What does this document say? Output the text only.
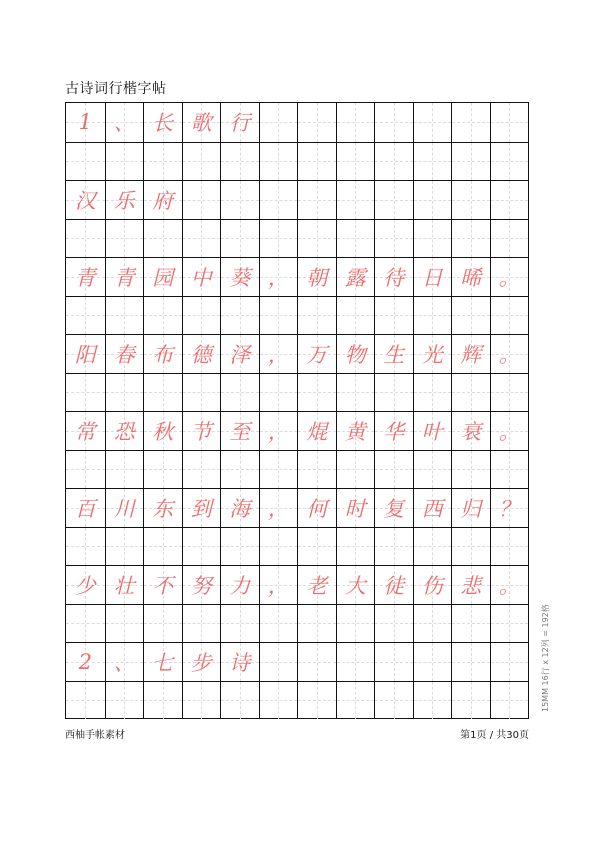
古诗词行楷字帖
1 、 长 歌 行
汉 乐 府
青 青 园 中 葵 ， 朝 露 待 日 晞 。
阳 春 布 德 泽 ， 万 物 生 光 辉 。
常 恐 秋 节 至 ， 焜 黄 华 叶 衰 。
百 川 东 到 海 ， 何 时 复 西 归 ？
少 壮 不 努 力 ， 老 大 徒 伤 悲 。
2 、 七 步 诗
西柚手帐素材	第1页 / 共30页
15MM 16行 x 12列 = 192格
